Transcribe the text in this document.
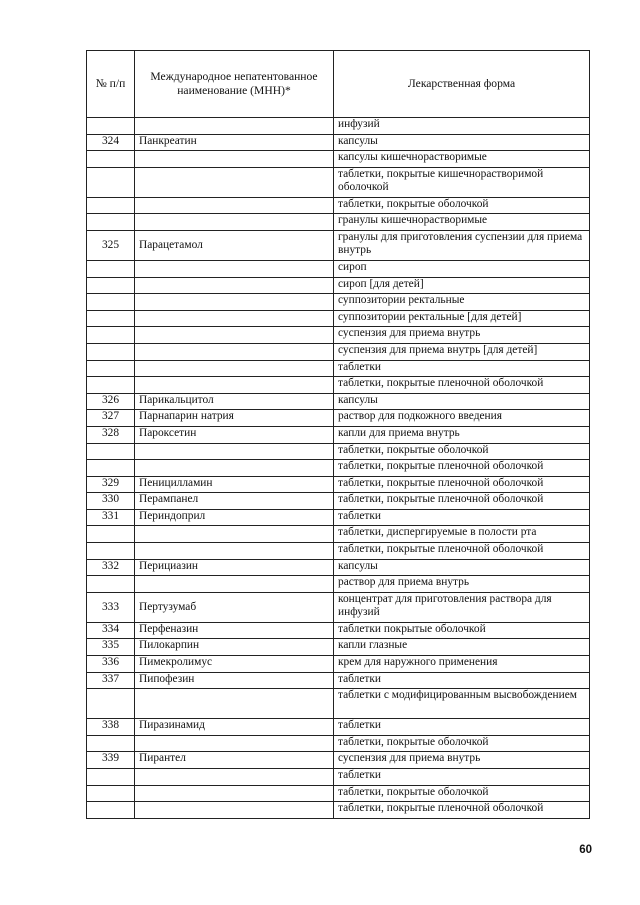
№ п/п	Международное непатентованное наименование (МНН)*	Лекарственная форма
		инфузий
324	Панкреатин	капсулы
		капсулы кишечнорастворимые
		таблетки, покрытые кишечнорастворимой оболочкой
		таблетки, покрытые оболочкой
		гранулы кишечнорастворимые
325	Парацетамол	гранулы для приготовления суспензии для приема внутрь
		сироп
		сироп [для детей]
		суппозитории ректальные
		суппозитории ректальные [для детей]
		суспензия для приема внутрь
		суспензия для приема внутрь [для детей]
		таблетки
		таблетки, покрытые пленочной оболочкой
326	Парикальцитол	капсулы
327	Парнапарин натрия	раствор для подкожного введения
328	Пароксетин	капли для приема внутрь
		таблетки, покрытые оболочкой
		таблетки, покрытые пленочной оболочкой
329	Пеницилламин	таблетки, покрытые пленочной оболочкой
330	Перампанел	таблетки, покрытые пленочной оболочкой
331	Периндоприл	таблетки
		таблетки, диспергируемые в полости рта
		таблетки, покрытые пленочной оболочкой
332	Перициазин	капсулы
		раствор для приема внутрь
333	Пертузумаб	концентрат для приготовления раствора для инфузий
334	Перфеназин	таблетки покрытые оболочкой
335	Пилокарпин	капли глазные
336	Пимекролимус	крем для наружного применения
337	Пипофезин	таблетки
		таблетки с модифицированным высвобождением
338	Пиразинамид	таблетки
		таблетки, покрытые оболочкой
339	Пирантел	суспензия для приема внутрь
		таблетки
		таблетки, покрытые оболочкой
		таблетки, покрытые пленочной оболочкой
60
